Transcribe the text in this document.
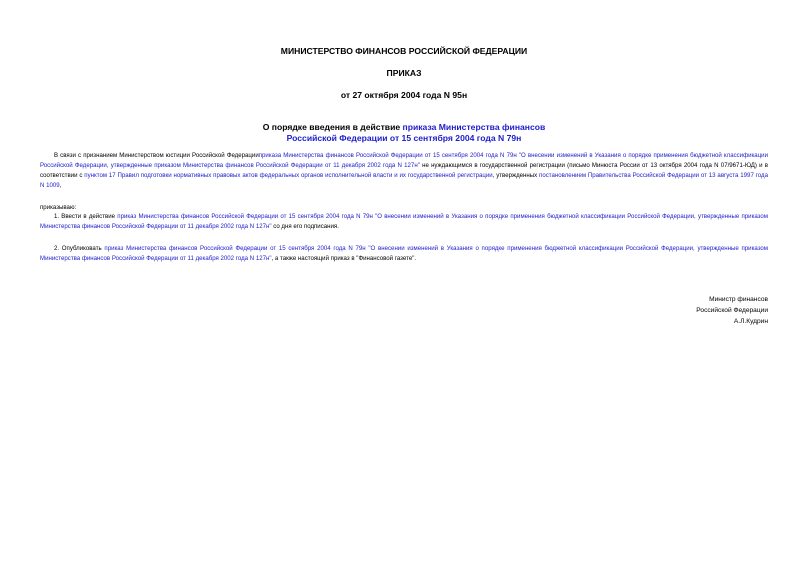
МИНИСТЕРСТВО ФИНАНСОВ РОССИЙСКОЙ ФЕДЕРАЦИИ
ПРИКАЗ
от 27 октября 2004 года N 95н
О порядке введения в действие приказа Министерства финансов
Российской Федерации от 15 сентября 2004 года N 79н
В связи с признанием Министерством юстиции Российской Федерацииприказа Министерства финансов Российской Федерации от 15 сентября 2004 года N 79н "О внесении изменений в Указания о порядке применения бюджетной классификации Российской Федерации, утвержденные приказом Министерства финансов Российской Федерации от 11 декабря 2002 года N 127н" не нуждающимся в государственной регистрации (письмо Минюста России от 13 октября 2004 года N 07/9671-ЮД) и в соответствии с пунктом 17 Правил подготовки нормативных правовых актов федеральных органов исполнительной власти и их государственной регистрации, утвержденных постановлением Правительства Российской Федерации от 13 августа 1997 года N 1009,
приказываю:
1. Ввести в действие приказ Министерства финансов Российской Федерации от 15 сентября 2004 года N 79н "О внесении изменений в Указания о порядке применения бюджетной классификации Российской Федерации, утвержденные приказом Министерства финансов Российской Федерации от 11 декабря 2002 года N 127н" со дня его подписания.
2. Опубликовать приказ Министерства финансов Российской Федерации от 15 сентября 2004 года N 79н "О внесении изменений в Указания о порядке применения бюджетной классификации Российской Федерации, утвержденные приказом Министерства финансов Российской Федерации от 11 декабря 2002 года N 127н", а также настоящий приказ в "Финансовой газете".
Министр финансов
Российской Федерации
А.Л.Кудрин
